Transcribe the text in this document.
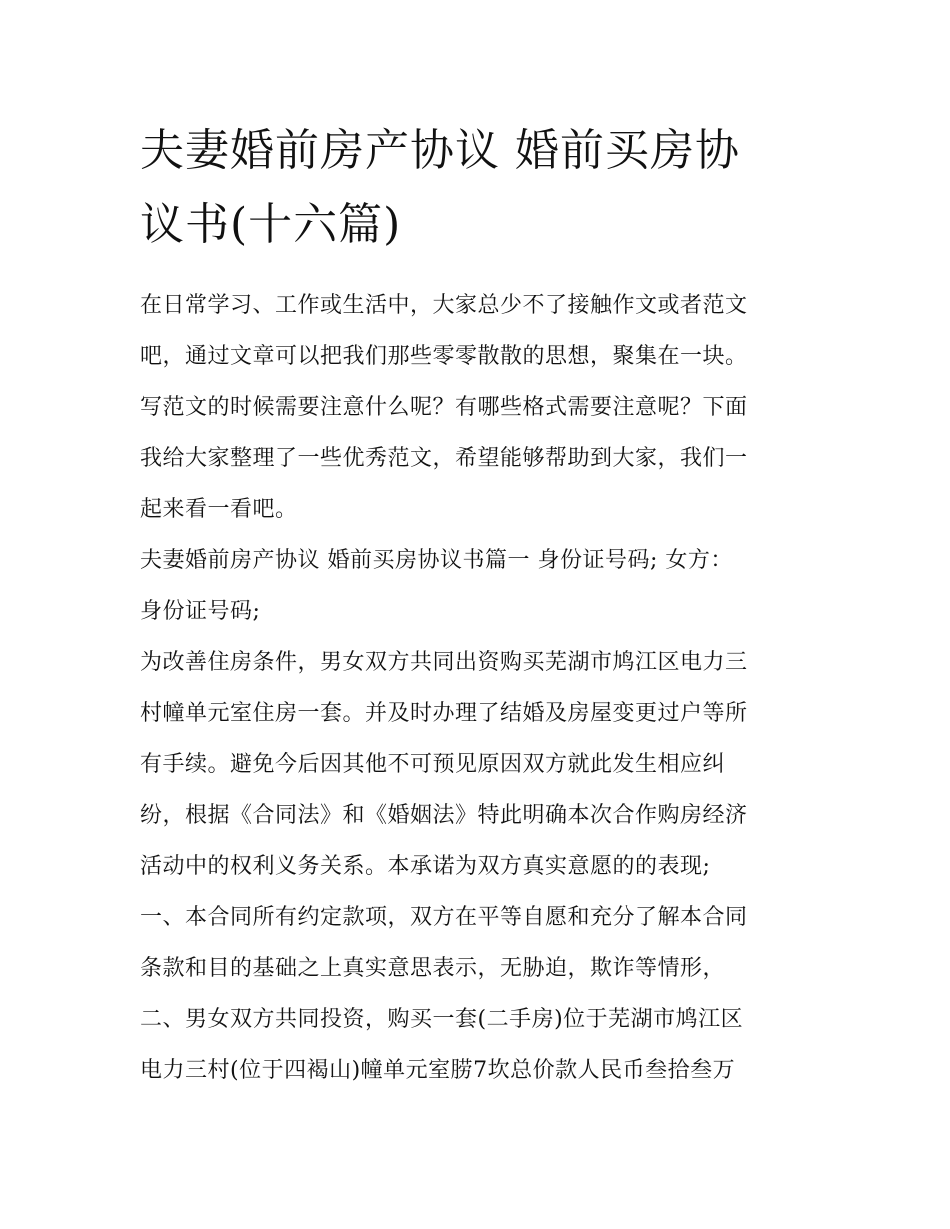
夫妻婚前房产协议 婚前买房协
议书(十六篇)
在日常学习、工作或生活中，大家总少不了接触作文或者范文
吧，通过文章可以把我们那些零零散散的思想，聚集在一块。
写范文的时候需要注意什么呢？有哪些格式需要注意呢？下面
我给大家整理了一些优秀范文，希望能够帮助到大家，我们一
起来看一看吧。
夫妻婚前房产协议 婚前买房协议书篇一 身份证号码; 女方：
身份证号码;
为改善住房条件，男女双方共同出资购买芜湖市鸠江区电力三
村幢单元室住房一套。并及时办理了结婚及房屋变更过户等所
有手续。避免今后因其他不可预见原因双方就此发生相应纠
纷，根据《合同法》和《婚姻法》特此明确本次合作购房经济
活动中的权利义务关系。本承诺为双方真实意愿的的表现;
一、本合同所有约定款项，双方在平等自愿和充分了解本合同
条款和目的基础之上真实意思表示，无胁迫，欺诈等情形，
二、男女双方共同投资，购买一套(二手房)位于芜湖市鸠江区
电力三村(位于四褐山)幢单元室𦛨7坎总价款人民币叁拾叁万
